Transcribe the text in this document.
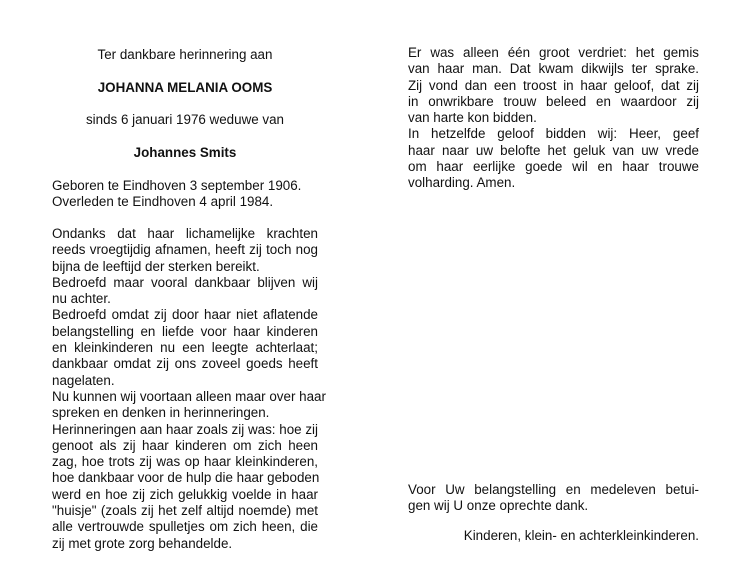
Ter dankbare herinnering aan
JOHANNA MELANIA OOMS
sinds 6 januari 1976 weduwe van
Johannes Smits
Geboren te Eindhoven 3 september 1906.
Overleden te Eindhoven 4 april 1984.
Ondanks dat haar lichamelijke krachten
reeds vroegtijdig afnamen, heeft zij toch nog
bijna de leeftijd der sterken bereikt.
Bedroefd maar vooral dankbaar blijven wij
nu achter.
Bedroefd omdat zij door haar niet aflatende
belangstelling en liefde voor haar kinderen
en kleinkinderen nu een leegte achterlaat;
dankbaar omdat zij ons zoveel goeds heeft
nagelaten.
Nu kunnen wij voortaan alleen maar over haar
spreken en denken in herinneringen.
Herinneringen aan haar zoals zij was: hoe zij
genoot als zij haar kinderen om zich heen
zag, hoe trots zij was op haar kleinkinderen,
hoe dankbaar voor de hulp die haar geboden
werd en hoe zij zich gelukkig voelde in haar
"huisje" (zoals zij het zelf altijd noemde) met
alle vertrouwde spulletjes om zich heen, die
zij met grote zorg behandelde.
Er was alleen één groot verdriet: het gemis
van haar man. Dat kwam dikwijls ter sprake.
Zij vond dan een troost in haar geloof, dat zij
in onwrikbare trouw beleed en waardoor zij
van harte kon bidden.
In hetzelfde geloof bidden wij: Heer, geef
haar naar uw belofte het geluk van uw vrede
om haar eerlijke goede wil en haar trouwe
volharding. Amen.
Voor Uw belangstelling en medeleven betui-
gen wij U onze oprechte dank.
Kinderen, klein- en achterkleinkinderen.
